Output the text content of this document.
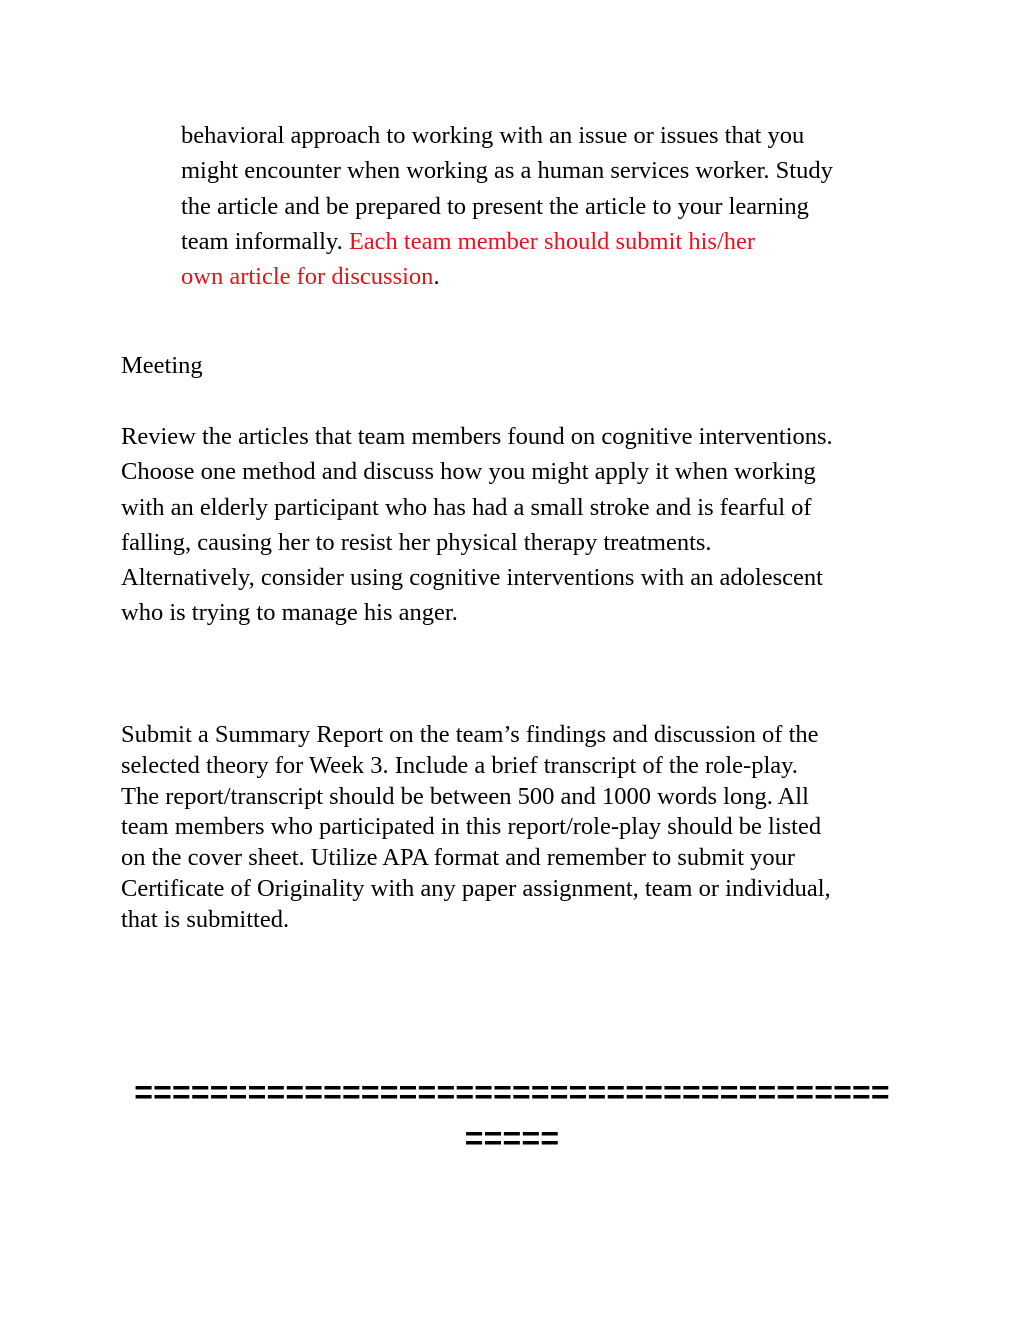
behavioral approach to working with an issue or issues that you
might encounter when working as a human services worker. Study
the article and be prepared to present the article to your learning
team informally. Each team member should submit his/her
own article for discussion.
Meeting
Review the articles that team members found on cognitive interventions.
Choose one method and discuss how you might apply it when working
with an elderly participant who has had a small stroke and is fearful of
falling, causing her to resist her physical therapy treatments.
Alternatively, consider using cognitive interventions with an adolescent
who is trying to manage his anger.
Submit a Summary Report on the team’s findings and discussion of the
selected theory for Week 3. Include a brief transcript of the role-play.
The report/transcript should be between 500 and 1000 words long. All
team members who participated in this report/role-play should be listed
on the cover sheet. Utilize APA format and remember to submit your
Certificate of Originality with any paper assignment, team or individual,
that is submitted.
========================================
=====
